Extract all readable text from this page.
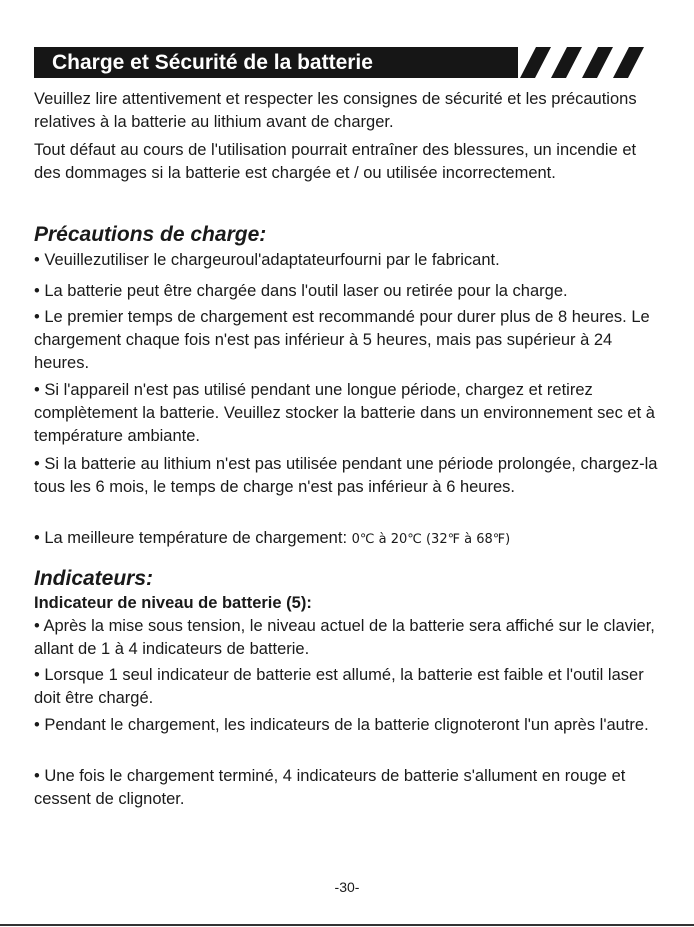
Charge et Sécurité de la batterie

Veuillez lire attentivement et respecter les consignes de sécurité et les précautions relatives à la batterie au lithium avant de charger.

Tout défaut au cours de l'utilisation pourrait entraîner des blessures, un incendie et des dommages si la batterie est chargée et / ou utilisée incorrectement.

Précautions de charge:

• Veuillezutiliser le chargeuroul'adaptateurfourni par le fabricant.

• La batterie peut être chargée dans l'outil laser ou retirée pour la charge.

• Le premier temps de chargement est recommandé pour durer plus de 8 heures. Le chargement chaque fois n'est pas inférieur à 5 heures, mais pas supérieur à 24 heures.

• Si l'appareil n'est pas utilisé pendant une longue période, chargez et retirez complètement la batterie. Veuillez stocker la batterie dans un environnement sec et à température ambiante.

• Si la batterie au lithium n'est pas utilisée pendant une période prolongée, chargez-la tous les 6 mois, le temps de charge n'est pas inférieur à 6 heures.

• La meilleure température de chargement: 0℃ à 20℃ (32℉ à 68℉)

Indicateurs:

Indicateur de niveau de batterie (5):

• Après la mise sous tension, le niveau actuel de la batterie sera affiché sur le clavier, allant de 1 à 4 indicateurs de batterie.

• Lorsque 1 seul indicateur de batterie est allumé, la batterie est faible et l'outil laser doit être chargé.

• Pendant le chargement, les indicateurs de la batterie clignoteront l'un après l'autre.

• Une fois le chargement terminé, 4 indicateurs de batterie s'allument en rouge et cessent de clignoter.

-30-
